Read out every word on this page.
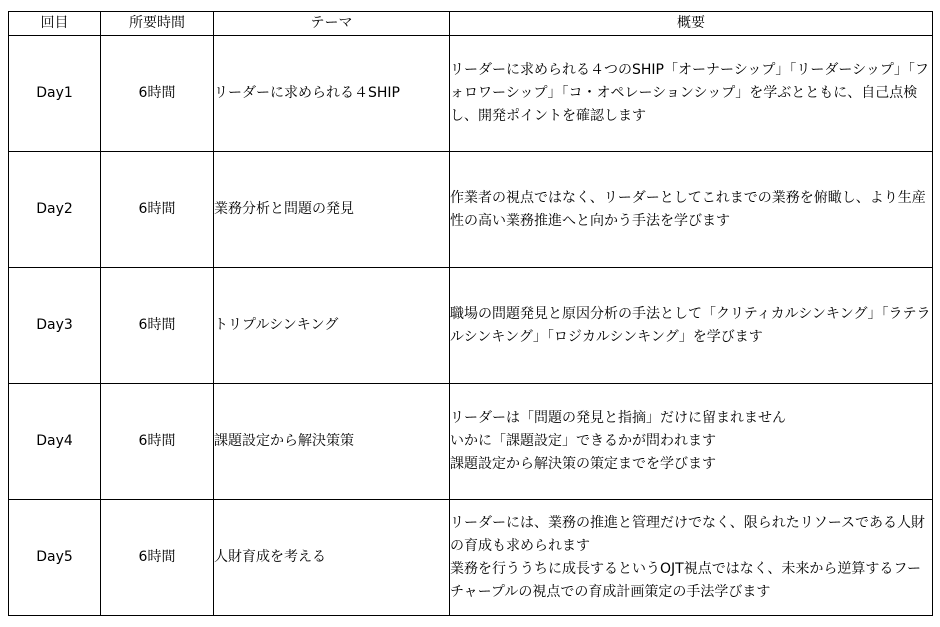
回目	所要時間	テーマ	概要
Day1	6時間	リーダーに求められる４SHIP	リーダーに求められる４つのSHIP「オーナーシップ」「リーダーシップ」「フォロワーシップ」「コ・オペレーションシップ」を学ぶとともに、自己点検し、開発ポイントを確認します

Day2	6時間	業務分析と問題の発見	作業者の視点ではなく、リーダーとしてこれまでの業務を俯瞰し、より生産性の高い業務推進へと向かう手法を学びます

Day3	6時間	トリプルシンキング	職場の問題発見と原因分析の手法として「クリティカルシンキング」「ラテラルシンキング」「ロジカルシンキング」を学びます

Day4	6時間	課題設定から解決策策	リーダーは「問題の発見と指摘」だけに留まれません
いかに「課題設定」できるかが問われます
課題設定から解決策の策定までを学びます

Day5	6時間	人財育成を考える	リーダーには、業務の推進と管理だけでなく、限られたリソースである人財の育成も求められます
業務を行ううちに成長するというOJT視点ではなく、未来から逆算するフーチャープルの視点での育成計画策定の手法学びます
